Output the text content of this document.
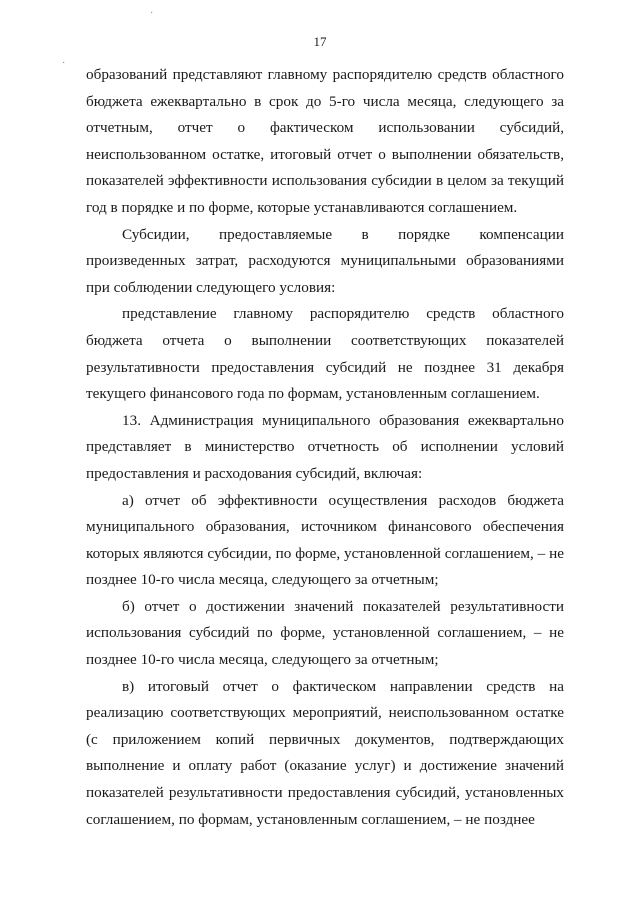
17

образований представляют главному распорядителю средств областного бюджета ежеквартально в срок до 5-го числа месяца, следующего за отчетным, отчет о фактическом использовании субсидий, неиспользованном остатке, итоговый отчет о выполнении обязательств, показателей эффективности использования субсидии в целом за текущий год в порядке и по форме, которые устанавливаются соглашением.

Субсидии, предоставляемые в порядке компенсации произведенных затрат, расходуются муниципальными образованиями при соблюдении следующего условия:

представление главному распорядителю средств областного бюджета отчета о выполнении соответствующих показателей результативности предоставления субсидий не позднее 31 декабря текущего финансового года по формам, установленным соглашением.

13. Администрация муниципального образования ежеквартально представляет в министерство отчетность об исполнении условий предоставления и расходования субсидий, включая:

а) отчет об эффективности осуществления расходов бюджета муниципального образования, источником финансового обеспечения которых являются субсидии, по форме, установленной соглашением, – не позднее 10-го числа месяца, следующего за отчетным;

б) отчет о достижении значений показателей результативности использования субсидий по форме, установленной соглашением, – не позднее 10-го числа месяца, следующего за отчетным;

в) итоговый отчет о фактическом направлении средств на реализацию соответствующих мероприятий, неиспользованном остатке (с приложением копий первичных документов, подтверждающих выполнение и оплату работ (оказание услуг) и достижение значений показателей результативности предоставления субсидий, установленных соглашением, по формам, установленным соглашением, – не позднее

·
·
